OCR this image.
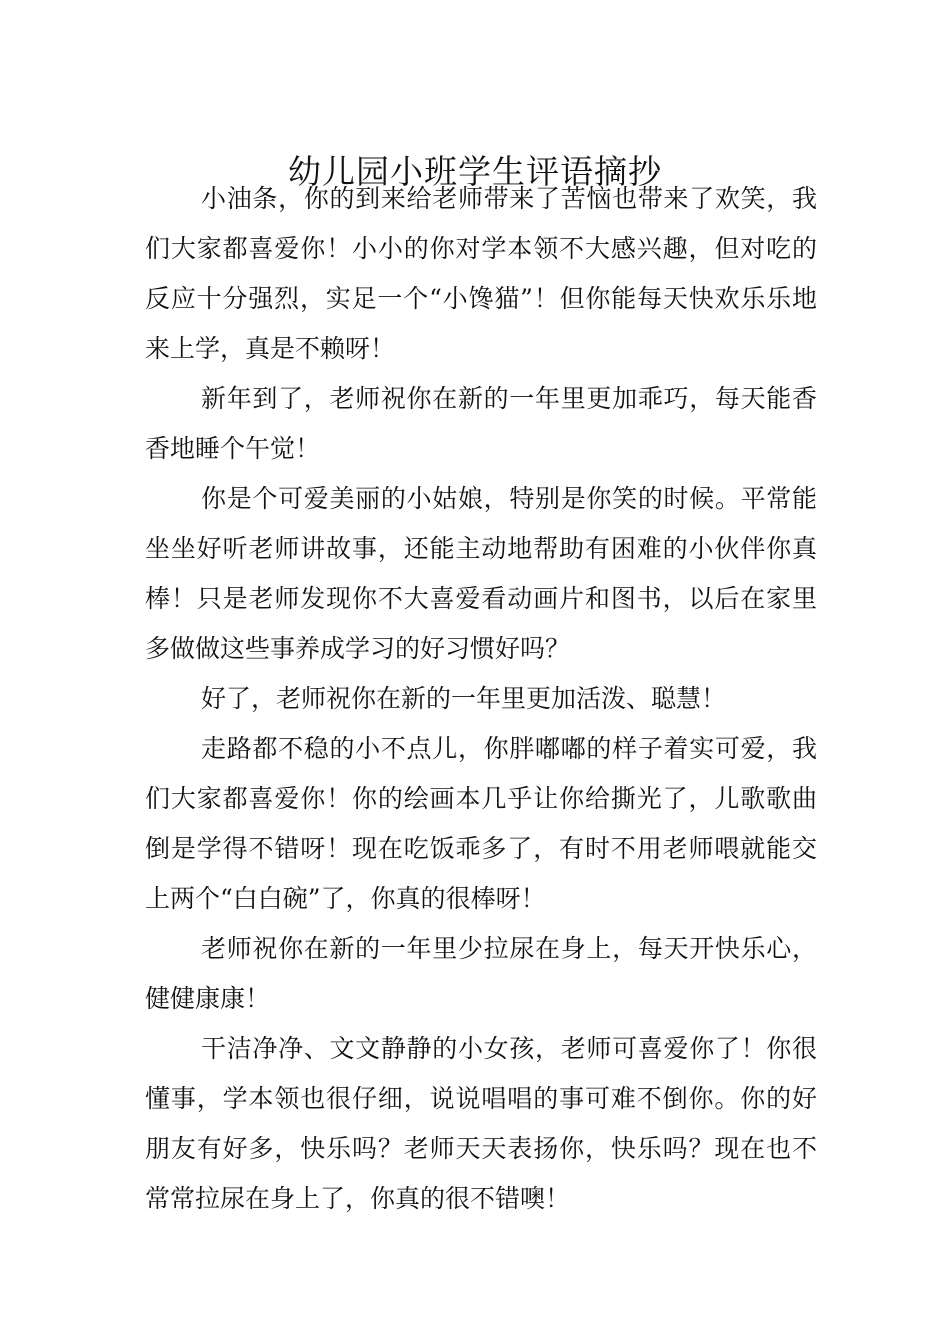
幼儿园小班学生评语摘抄

小油条，你的到来给老师带来了苦恼也带来了欢笑，我们大家都喜爱你！小小的你对学本领不大感兴趣，但对吃的反应十分强烈，实足一个“小馋猫”！但你能每天快欢乐乐地来上学，真是不赖呀！

新年到了，老师祝你在新的一年里更加乖巧，每天能香香地睡个午觉！

你是个可爱美丽的小姑娘，特别是你笑的时候。平常能坐坐好听老师讲故事，还能主动地帮助有困难的小伙伴你真棒！只是老师发现你不大喜爱看动画片和图书，以后在家里多做做这些事养成学习的好习惯好吗？

好了，老师祝你在新的一年里更加活泼、聪慧！

走路都不稳的小不点儿，你胖嘟嘟的样子着实可爱，我们大家都喜爱你！你的绘画本几乎让你给撕光了，儿歌歌曲倒是学得不错呀！现在吃饭乖多了，有时不用老师喂就能交上两个“白白碗”了，你真的很棒呀！

老师祝你在新的一年里少拉尿在身上，每天开快乐心，健健康康！

干洁净净、文文静静的小女孩，老师可喜爱你了！你很懂事，学本领也很仔细，说说唱唱的事可难不倒你。你的好朋友有好多，快乐吗？老师天天表扬你，快乐吗？现在也不常常拉尿在身上了，你真的很不错噢！
